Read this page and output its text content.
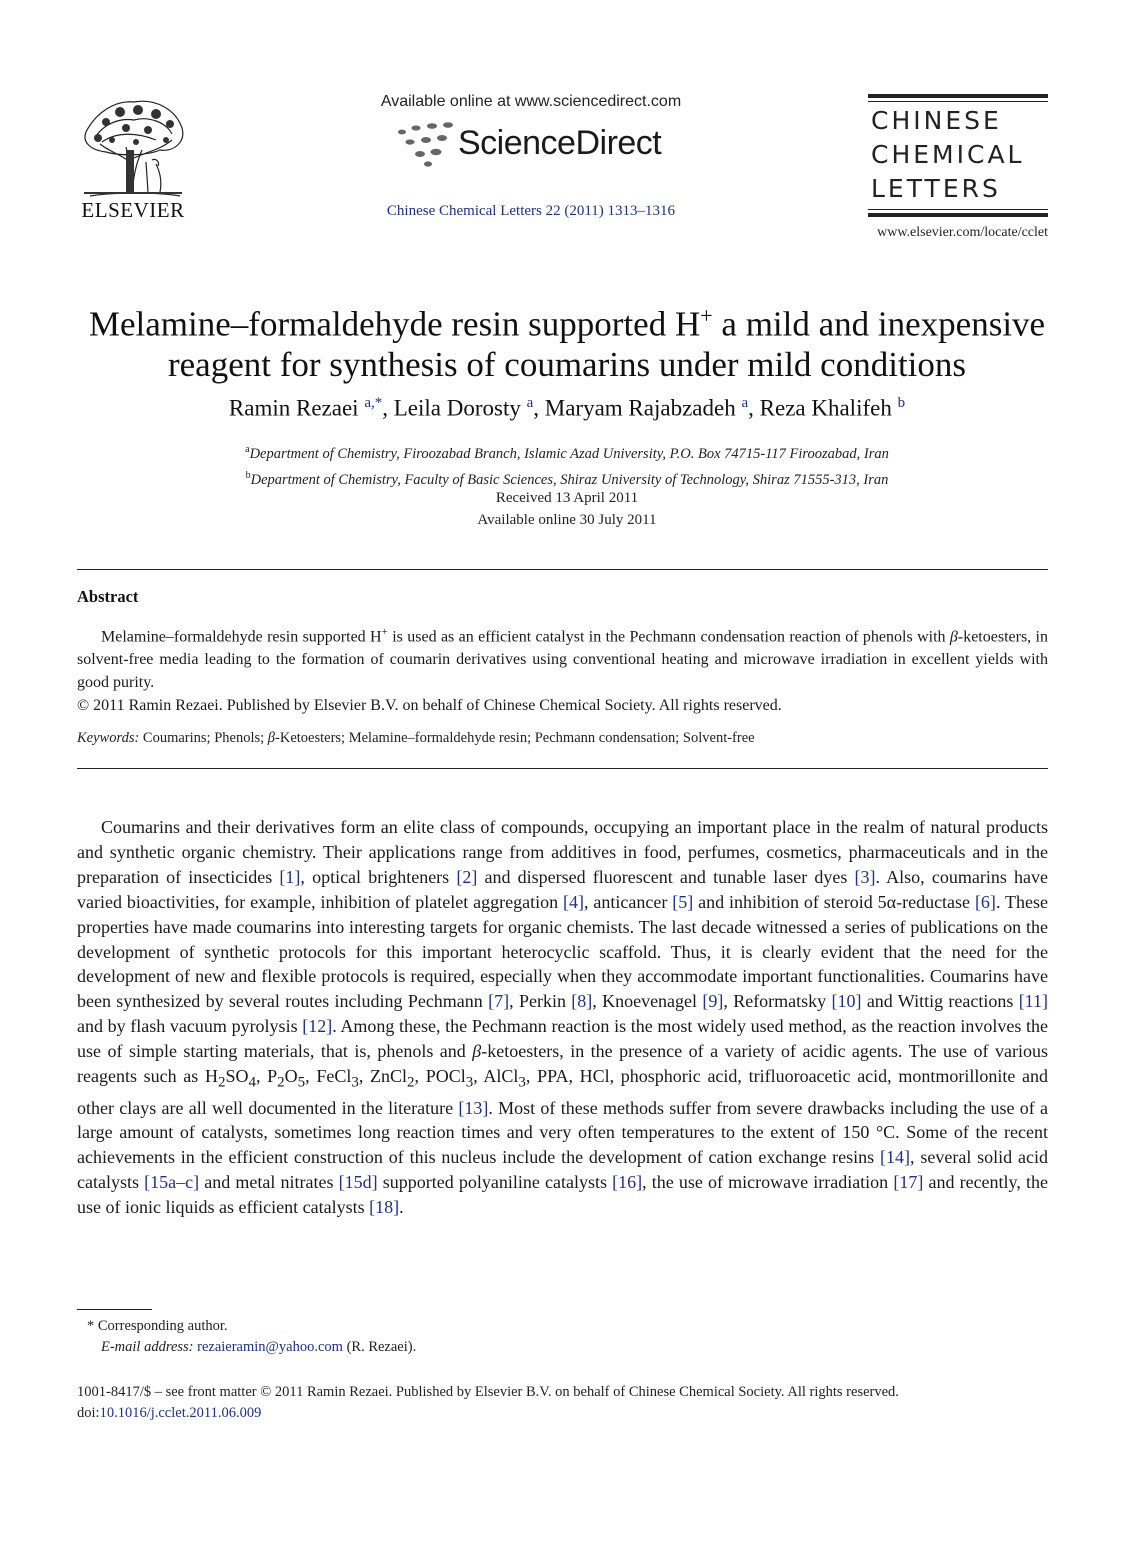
ELSEVIER
Available online at www.sciencedirect.com
ScienceDirect
Chinese Chemical Letters 22 (2011) 1313–1316
CHINESE
CHEMICAL
LETTERS
www.elsevier.com/locate/cclet
Melamine–formaldehyde resin supported H+ a mild and inexpensive
reagent for synthesis of coumarins under mild conditions
Ramin Rezaei $^{a,*}$, Leila Dorosty $^a$, Maryam Rajabzadeh $^a$, Reza Khalifeh $^b$
$^a$Department of Chemistry, Firoozabad Branch, Islamic Azad University, P.O. Box 74715-117 Firoozabad, Iran
$^b$Department of Chemistry, Faculty of Basic Sciences, Shiraz University of Technology, Shiraz 71555-313, Iran
Received 13 April 2011
Available online 30 July 2011
Abstract

Melamine–formaldehyde resin supported H+ is used as an efficient catalyst in the Pechmann condensation reaction of phenols with β-ketoesters, in solvent-free media leading to the formation of coumarin derivatives using conventional heating and microwave irradiation in excellent yields with good purity.

© 2011 Ramin Rezaei. Published by Elsevier B.V. on behalf of Chinese Chemical Society. All rights reserved.

Keywords: Coumarins; Phenols; β-Ketoesters; Melamine–formaldehyde resin; Pechmann condensation; Solvent-free

Coumarins and their derivatives form an elite class of compounds, occupying an important place in the realm of natural products and synthetic organic chemistry. Their applications range from additives in food, perfumes, cosmetics, pharmaceuticals and in the preparation of insecticides [1], optical brighteners [2] and dispersed fluorescent and tunable laser dyes [3]. Also, coumarins have varied bioactivities, for example, inhibition of platelet aggregation [4], anticancer [5] and inhibition of steroid 5α-reductase [6]. These properties have made coumarins into interesting targets for organic chemists. The last decade witnessed a series of publications on the development of synthetic protocols for this important heterocyclic scaffold. Thus, it is clearly evident that the need for the development of new and flexible protocols is required, especially when they accommodate important functionalities. Coumarins have been synthesized by several routes including Pechmann [7], Perkin [8], Knoevenagel [9], Reformatsky [10] and Wittig reactions [11] and by flash vacuum pyrolysis [12]. Among these, the Pechmann reaction is the most widely used method, as the reaction involves the use of simple starting materials, that is, phenols and β-ketoesters, in the presence of a variety of acidic agents. The use of various reagents such as $H_2SO_4$, $P_2O_5$, FeCl$_3$, ZnCl$_2$, POCl$_3$, AlCl$_3$, PPA, HCl, phosphoric acid, trifluoroacetic acid, montmorillonite and other clays are all well documented in the literature [13]. Most of these methods suffer from severe drawbacks including the use of a large amount of catalysts, sometimes long reaction times and very often temperatures to the extent of 150 °C. Some of the recent achievements in the efficient construction of this nucleus include the development of cation exchange resins [14], several solid acid catalysts [15a–c] and metal nitrates [15d] supported polyaniline catalysts [16], the use of microwave irradiation [17] and recently, the use of ionic liquids as efficient catalysts [18].

* Corresponding author.
E-mail address: rezaieramin@yahoo.com (R. Rezaei).
1001-8417/$ – see front matter © 2011 Ramin Rezaei. Published by Elsevier B.V. on behalf of Chinese Chemical Society. All rights reserved.
doi:10.1016/j.cclet.2011.06.009
